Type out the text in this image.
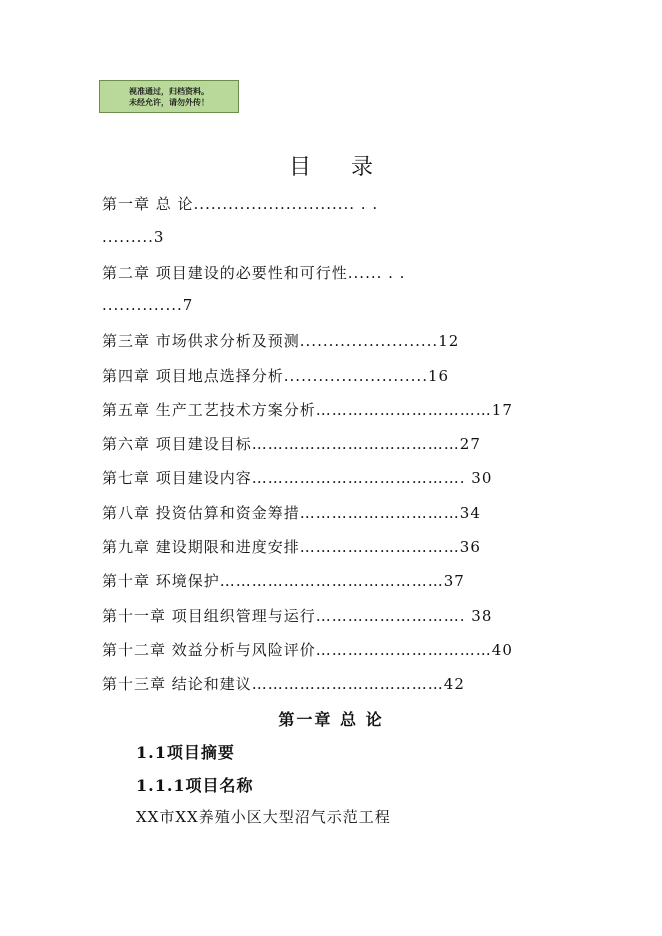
视准通过，归档资料。
未经允许，请勿外传！
目录
第一章 总 论............................ . .
.........3
第二章 项目建设的必要性和可行性...... . .
..............7
第三章 市场供求分析及预测........................12
第四章 项目地点选择分析.........................16
第五章 生产工艺技术方案分析……………………………17
第六章 项目建设目标…………………………………27
第七章 项目建设内容…………………………………. 30
第八章 投资估算和资金筹措…………………………34
第九章 建设期限和进度安排…………………………36
第十章 环境保护……………………………………37
第十一章 项目组织管理与运行………………………. 38
第十二章 效益分析与风险评价……………………………40
第十三章 结论和建议………………………………42
第一章 总 论
1.1项目摘要
1.1.1项目名称
XX市XX养殖小区大型沼气示范工程
